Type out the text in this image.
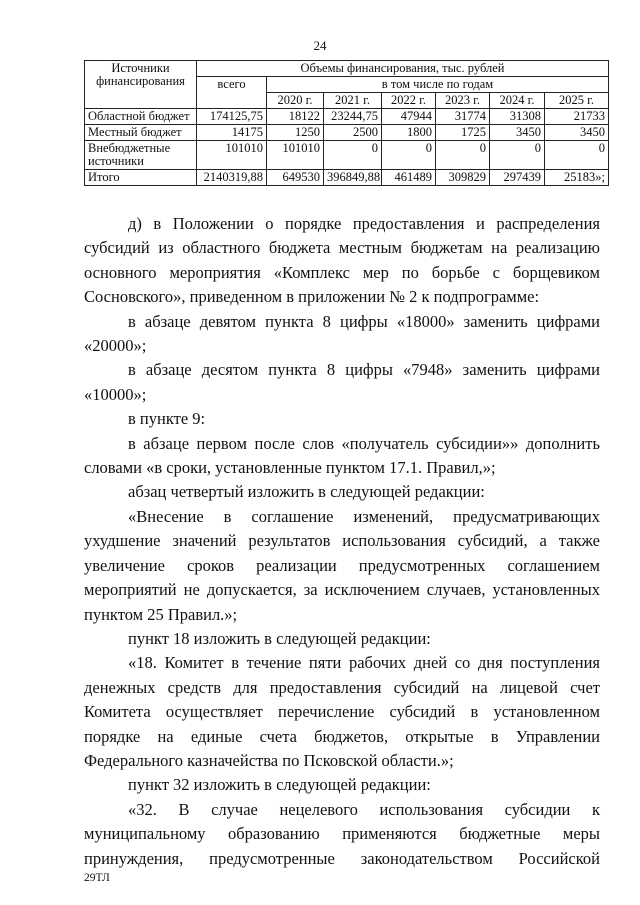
24
Источники финансирования	Объемы финансирования, тыс. рублей						
	всего	в том числе по годам					
		2020 г.	2021 г.	2022 г.	2023 г.	2024 г.	2025 г.
Областной бюджет	174125,75	18122	23244,75	47944	31774	31308	21733
Местный бюджет	14175	1250	2500	1800	1725	3450	3450
Внебюджетные источники	101010	101010	0	0	0	0	0
Итого	2140319,88	649530	396849,88	461489	309829	297439	25183»;

д) в Положении о порядке предоставления и распределения субсидий из областного бюджета местным бюджетам на реализацию основного мероприятия «Комплекс мер по борьбе с борщевиком Сосновского», приведенном в приложении № 2 к подпрограмме:

в абзаце девятом пункта 8 цифры «18000» заменить цифрами «20000»;

в абзаце десятом пункта 8 цифры «7948» заменить цифрами «10000»;

в пункте 9:

в абзаце первом после слов «получатель субсидии»» дополнить словами «в сроки, установленные пунктом 17.1. Правил,»;

абзац четвертый изложить в следующей редакции:

«Внесение в соглашение изменений, предусматривающих ухудшение значений результатов использования субсидий, а также увеличение сроков реализации предусмотренных соглашением мероприятий не допускается, за исключением случаев, установленных пунктом 25 Правил.»;

пункт 18 изложить в следующей редакции:

«18. Комитет в течение пяти рабочих дней со дня поступления денежных средств для предоставления субсидий на лицевой счет Комитета осуществляет перечисление субсидий в установленном порядке на единые счета бюджетов, открытые в Управлении Федерального казначейства по Псковской области.»;

пункт 32 изложить в следующей редакции:

«32. В случае нецелевого использования субсидии к муниципальному образованию применяются бюджетные меры принуждения, предусмотренные законодательством Российской

29ТЛ
